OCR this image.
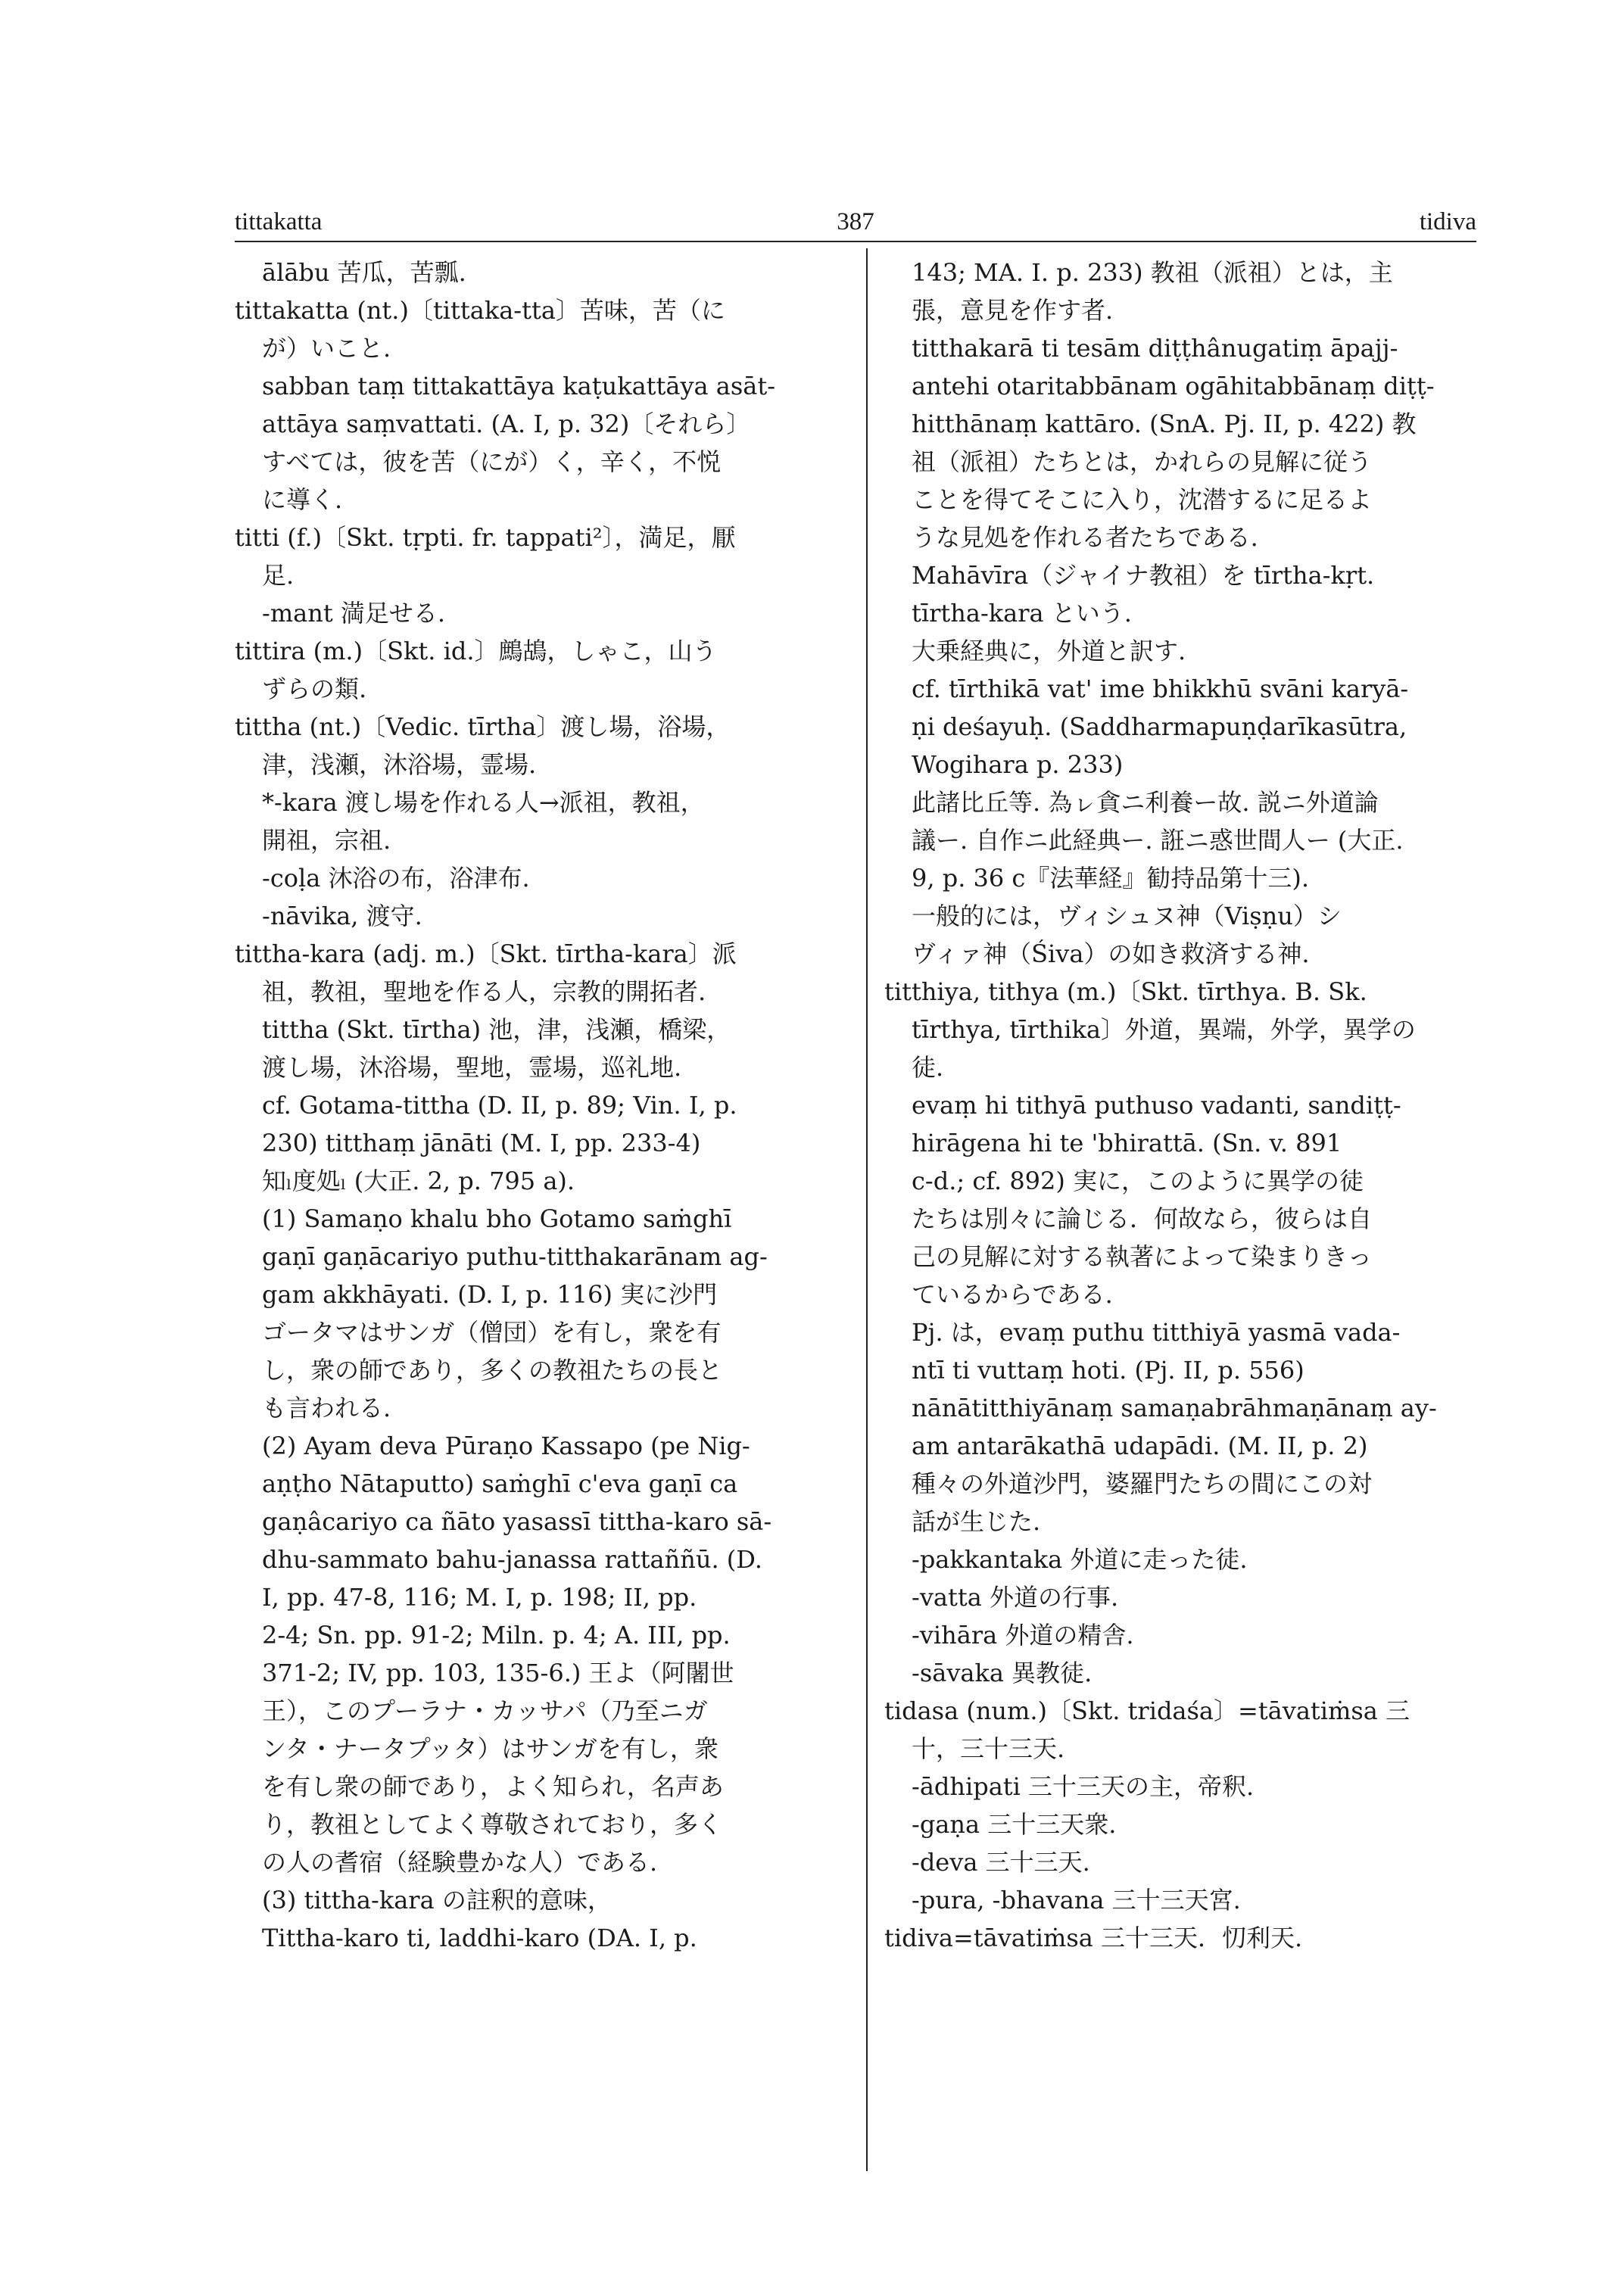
tittakatta	387	tidiva
ālābu 苦瓜，苦瓢.
tittakatta (nt.)〔tittaka-tta〕苦味，苦（に
が）いこと.
sabban taṃ tittakattāya kaṭukattāya asāt-
attāya saṃvattati. (A. I, p. 32)〔それら〕
すべては，彼を苦（にが）く，辛く，不悦
に導く.
titti (f.)〔Skt. tṛpti. fr. tappati²〕，満足，厭
足.
-mant 満足せる.
tittira (m.)〔Skt. id.〕鷓鴣，しゃこ，山う
ずらの類.
tittha (nt.)〔Vedic. tīrtha〕渡し場，浴場，
津，浅瀬，沐浴場，霊場.
*-kara 渡し場を作れる人→派祖，教祖，
開祖，宗祖.
-coḷa 沐浴の布，浴津布.
-nāvika, 渡守.
tittha-kara (adj. m.)〔Skt. tīrtha-kara〕派
祖，教祖，聖地を作る人，宗教的開拓者.
tittha (Skt. tīrtha) 池，津，浅瀬，橋梁，
渡し場，沐浴場，聖地，霊場，巡礼地.
cf. Gotama-tittha (D. II, p. 89; Vin. I, p.
230) titthaṃ jānāti (M. I, pp. 233-4)
知ₗ度処ₗ (大正. 2, p. 795 a).
(1) Samaṇo khalu bho Gotamo saṁghī
gaṇī gaṇācariyo puthu-titthakarānam ag-
gam akkhāyati. (D. I, p. 116) 実に沙門
ゴータマはサンガ（僧団）を有し，衆を有
し，衆の師であり，多くの教祖たちの長と
も言われる.
(2) Ayam deva Pūraṇo Kassapo (pe Nig-
aṇṭho Nātaputto) saṁghī c'eva gaṇī ca
gaṇâcariyo ca ñāto yasassī tittha-karo sā-
dhu-sammato bahu-janassa rattaññū. (D.
I, pp. 47-8, 116; M. I, p. 198; II, pp.
2-4; Sn. pp. 91-2; Miln. p. 4; A. III, pp.
371-2; IV, pp. 103, 135-6.) 王よ（阿闍世
王），このプーラナ・カッサパ（乃至ニガ
ンタ・ナータプッタ）はサンガを有し，衆
を有し衆の師であり，よく知られ，名声あ
り，教祖としてよく尊敬されており，多く
の人の耆宿（経験豊かな人）である.
(3) tittha-kara の註釈的意味，
Tittha-karo ti, laddhi-karo (DA. I, p.
143; MA. I. p. 233) 教祖（派祖）とは，主
張，意見を作す者.
titthakarā ti tesām diṭṭhânugatiṃ āpajj-
antehi otaritabbānam ogāhitabbānaṃ diṭṭ-
hitthānaṃ kattāro. (SnA. Pj. II, p. 422) 教
祖（派祖）たちとは，かれらの見解に従う
ことを得てそこに入り，沈潜するに足るよ
うな見処を作れる者たちである.
Mahāvīra（ジャイナ教祖）を tīrtha-kṛt.
tīrtha-kara という.
大乗経典に，外道と訳す.
cf. tīrthikā vat' ime bhikkhū svāni karyā-
ṇi deśayuḥ. (Saddharmapuṇḍarīkasūtra,
Wogihara p. 233)
此諸比丘等. 為ㇾ貪ニ利養ー故. 説ニ外道論
議ー. 自作ニ此経典ー. 誑ニ惑世間人ー (大正.
9, p. 36 c『法華経』勧持品第十三).
一般的には，ヴィシュヌ神（Viṣṇu）シ
ヴィァ神（Śiva）の如き救済する神.
titthiya, tithya (m.)〔Skt. tīrthya. B. Sk.
tīrthya, tīrthika〕外道，異端，外学，異学の
徒.
evaṃ hi tithyā puthuso vadanti, sandiṭṭ-
hirāgena hi te 'bhirattā. (Sn. v. 891
c-d.; cf. 892) 実に，このように異学の徒
たちは別々に論じる．何故なら，彼らは自
己の見解に対する執著によって染まりきっ
ているからである.
Pj. は，evaṃ puthu titthiyā yasmā vada-
ntī ti vuttaṃ hoti. (Pj. II, p. 556)
nānātitthiyānaṃ samaṇabrāhmaṇānaṃ ay-
am antarākathā udapādi. (M. II, p. 2)
種々の外道沙門，婆羅門たちの間にこの対
話が生じた.
-pakkantaka 外道に走った徒.
-vatta 外道の行事.
-vihāra 外道の精舎.
-sāvaka 異教徒.
tidasa (num.)〔Skt. tridaśa〕=tāvatiṁsa 三
十，三十三天.
-ādhipati 三十三天の主，帝釈.
-gaṇa 三十三天衆.
-deva 三十三天.
-pura, -bhavana 三十三天宮.
tidiva=tāvatiṁsa 三十三天．忉利天.
